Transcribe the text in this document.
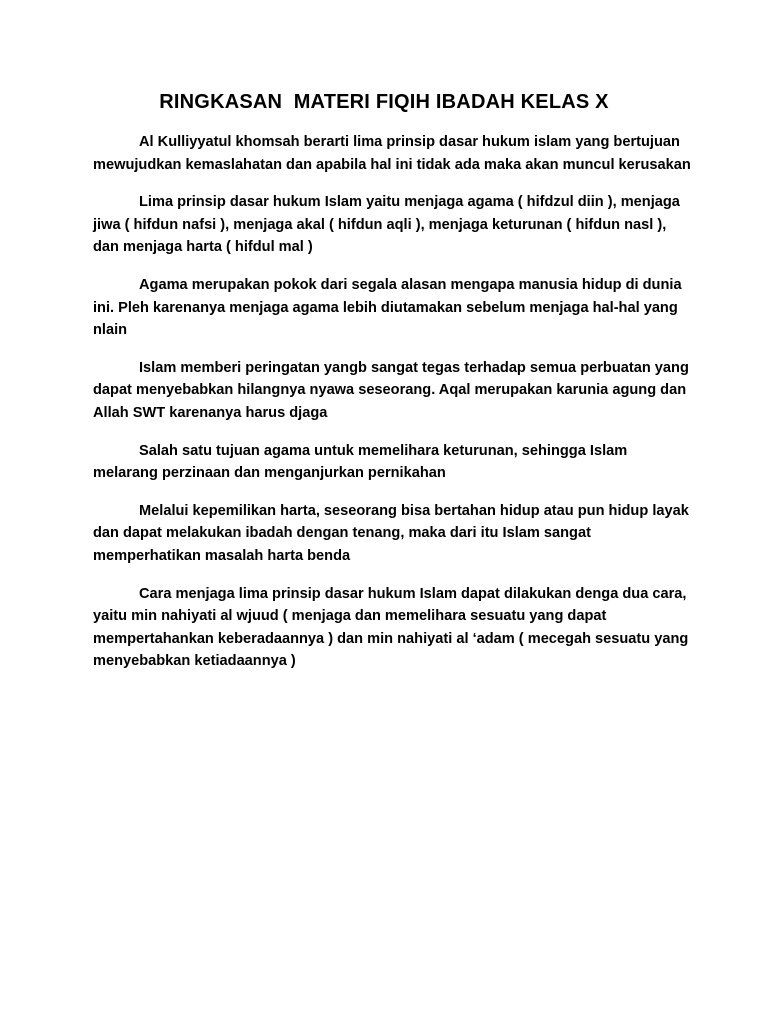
RINGKASAN  MATERI FIQIH IBADAH KELAS X

Al Kulliyyatul khomsah berarti lima prinsip dasar hukum islam yang bertujuan mewujudkan kemaslahatan dan apabila hal ini tidak ada maka akan muncul kerusakan

Lima prinsip dasar hukum Islam yaitu menjaga agama ( hifdzul diin ), menjaga jiwa ( hifdun nafsi ), menjaga akal ( hifdun aqli ), menjaga keturunan ( hifdun nasl ), dan menjaga harta ( hifdul mal )

Agama merupakan pokok dari segala alasan mengapa manusia hidup di dunia ini. Pleh karenanya menjaga agama lebih diutamakan sebelum menjaga hal-hal yang nlain

Islam memberi peringatan yangb sangat tegas terhadap semua perbuatan yang dapat menyebabkan hilangnya nyawa seseorang. Aqal merupakan karunia agung dan Allah SWT karenanya harus djaga

Salah satu tujuan agama untuk memelihara keturunan, sehingga Islam melarang perzinaan dan menganjurkan pernikahan

Melalui kepemilikan harta, seseorang bisa bertahan hidup atau pun hidup layak dan dapat melakukan ibadah dengan tenang, maka dari itu Islam sangat memperhatikan masalah harta benda

Cara menjaga lima prinsip dasar hukum Islam dapat dilakukan denga dua cara, yaitu min nahiyati al wjuud ( menjaga dan memelihara sesuatu yang dapat mempertahankan keberadaannya ) dan min nahiyati al ‘adam ( mecegah sesuatu yang menyebabkan ketiadaannya )
